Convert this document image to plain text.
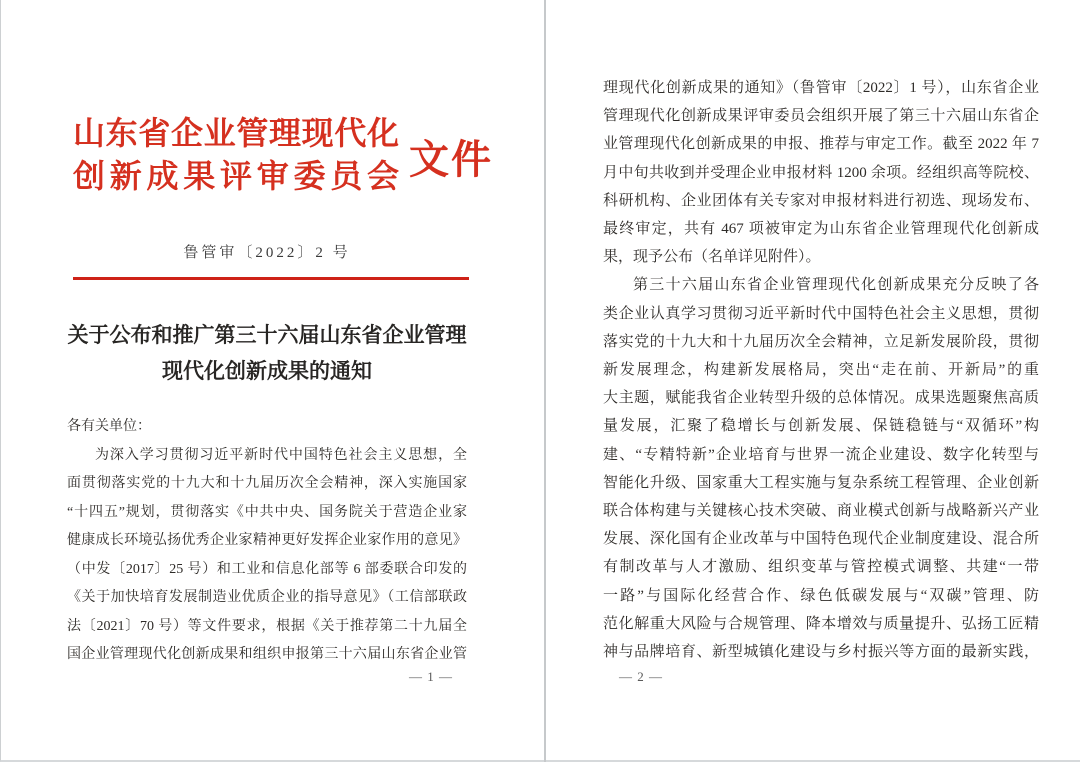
山东省企业管理现代化
创新成果评审委员会 文件
鲁管审〔2022〕2 号
关于公布和推广第三十六届山东省企业管理
现代化创新成果的通知
各有关单位：
为深入学习贯彻习近平新时代中国特色社会主义思想，全
面贯彻落实党的十九大和十九届历次全会精神，深入实施国家
“十四五”规划，贯彻落实《中共中央、国务院关于营造企业家
健康成长环境弘扬优秀企业家精神更好发挥企业家作用的意见》
（中发〔2017〕25 号）和工业和信息化部等 6 部委联合印发的
《关于加快培育发展制造业优质企业的指导意见》（工信部联政
法〔2021〕70 号）等文件要求，根据《关于推荐第二十九届全
国企业管理现代化创新成果和组织申报第三十六届山东省企业管
— 1 —
理现代化创新成果的通知》（鲁管审〔2022〕1 号），山东省企业
管理现代化创新成果评审委员会组织开展了第三十六届山东省企
业管理现代化创新成果的申报、推荐与审定工作。截至 2022 年 7
月中旬共收到并受理企业申报材料 1200 余项。经组织高等院校、
科研机构、企业团体有关专家对申报材料进行初选、现场发布、
最终审定，共有 467 项被审定为山东省企业管理现代化创新成
果，现予公布（名单详见附件）。
第三十六届山东省企业管理现代化创新成果充分反映了各
类企业认真学习贯彻习近平新时代中国特色社会主义思想，贯彻
落实党的十九大和十九届历次全会精神，立足新发展阶段，贯彻
新发展理念，构建新发展格局，突出“走在前、开新局”的重
大主题，赋能我省企业转型升级的总体情况。成果选题聚焦高质
量发展，汇聚了稳增长与创新发展、保链稳链与“双循环”构
建、“专精特新”企业培育与世界一流企业建设、数字化转型与
智能化升级、国家重大工程实施与复杂系统工程管理、企业创新
联合体构建与关键核心技术突破、商业模式创新与战略新兴产业
发展、深化国有企业改革与中国特色现代企业制度建设、混合所
有制改革与人才激励、组织变革与管控模式调整、共建“一带
一路”与国际化经营合作、绿色低碳发展与“双碳”管理、防
范化解重大风险与合规管理、降本增效与质量提升、弘扬工匠精
神与品牌培育、新型城镇化建设与乡村振兴等方面的最新实践，
— 2 —
